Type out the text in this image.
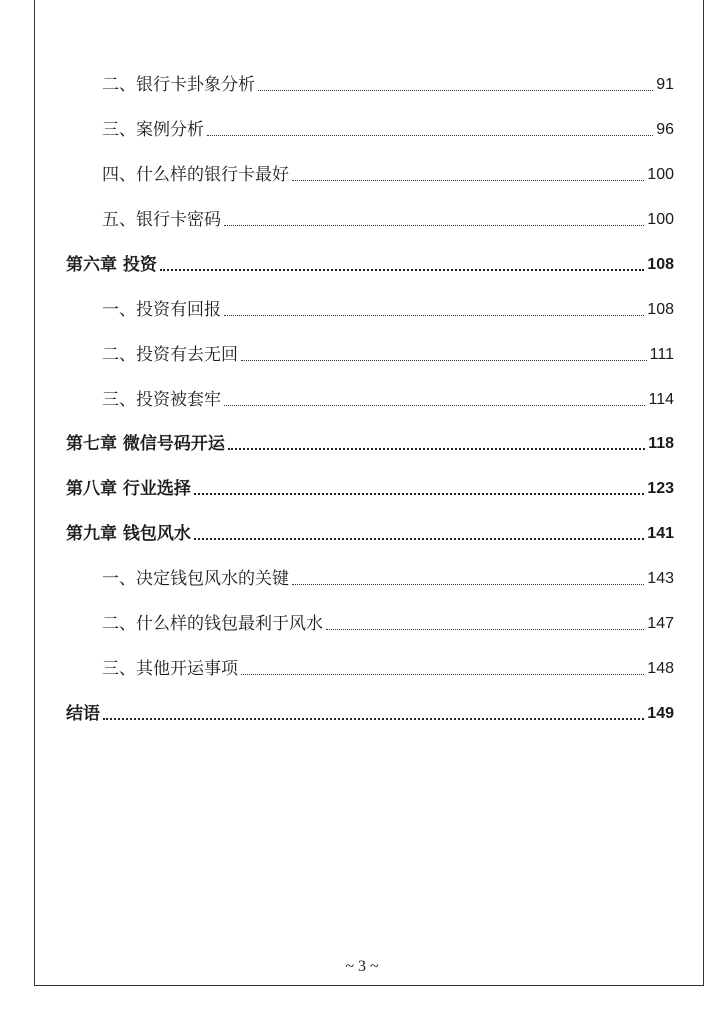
二、银行卡卦象分析	91
三、案例分析	96
四、什么样的银行卡最好	100
五、银行卡密码	100
第六章 投资	108
一、投资有回报	108
二、投资有去无回	111
三、投资被套牢	114
第七章 微信号码开运	118
第八章 行业选择	123
第九章 钱包风水	141
一、决定钱包风水的关键	143
二、什么样的钱包最利于风水	147
三、其他开运事项	148
结语	149
~ 3 ~
